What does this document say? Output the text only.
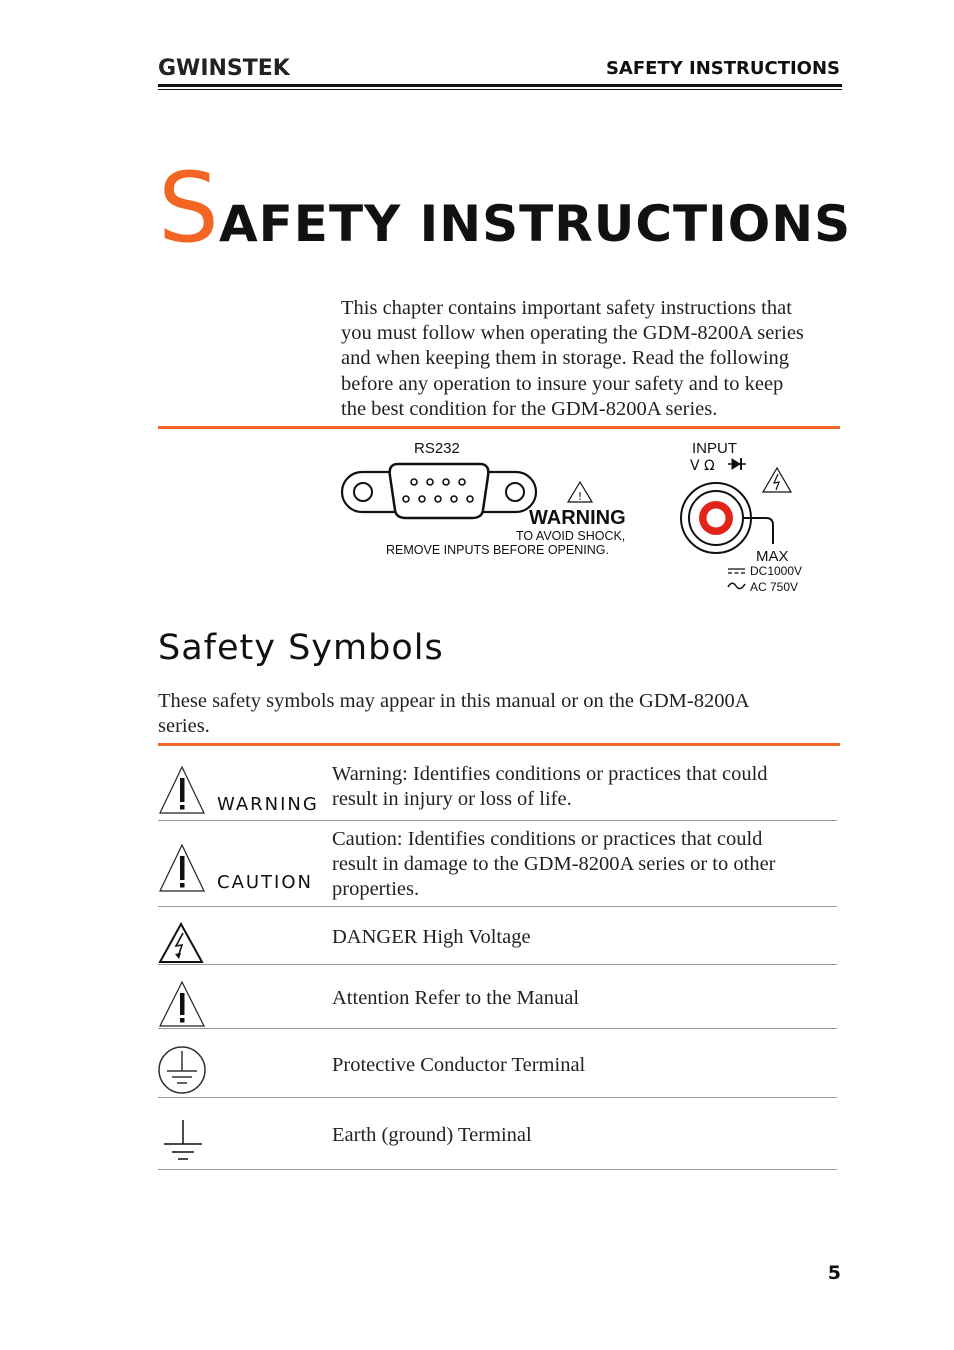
GWINSTEK	SAFETY INSTRUCTIONS
SAFETY INSTRUCTIONS
This chapter contains important safety instructions that
you must follow when operating the GDM-8200A series
and when keeping them in storage. Read the following
before any operation to insure your safety and to keep
the best condition for the GDM-8200A series.
RS232
!
WARNING
TO AVOID SHOCK,
REMOVE INPUTS BEFORE OPENING.
INPUT
V Ω
MAX
DC1000V
AC 750V
Safety Symbols
These safety symbols may appear in this manual or on the GDM-8200A
series.
WARNING
Warning: Identifies conditions or practices that could
result in injury or loss of life.
CAUTION
Caution: Identifies conditions or practices that could
result in damage to the GDM-8200A series or to other
properties.
DANGER High Voltage
Attention Refer to the Manual
Protective Conductor Terminal
Earth (ground) Terminal
5
